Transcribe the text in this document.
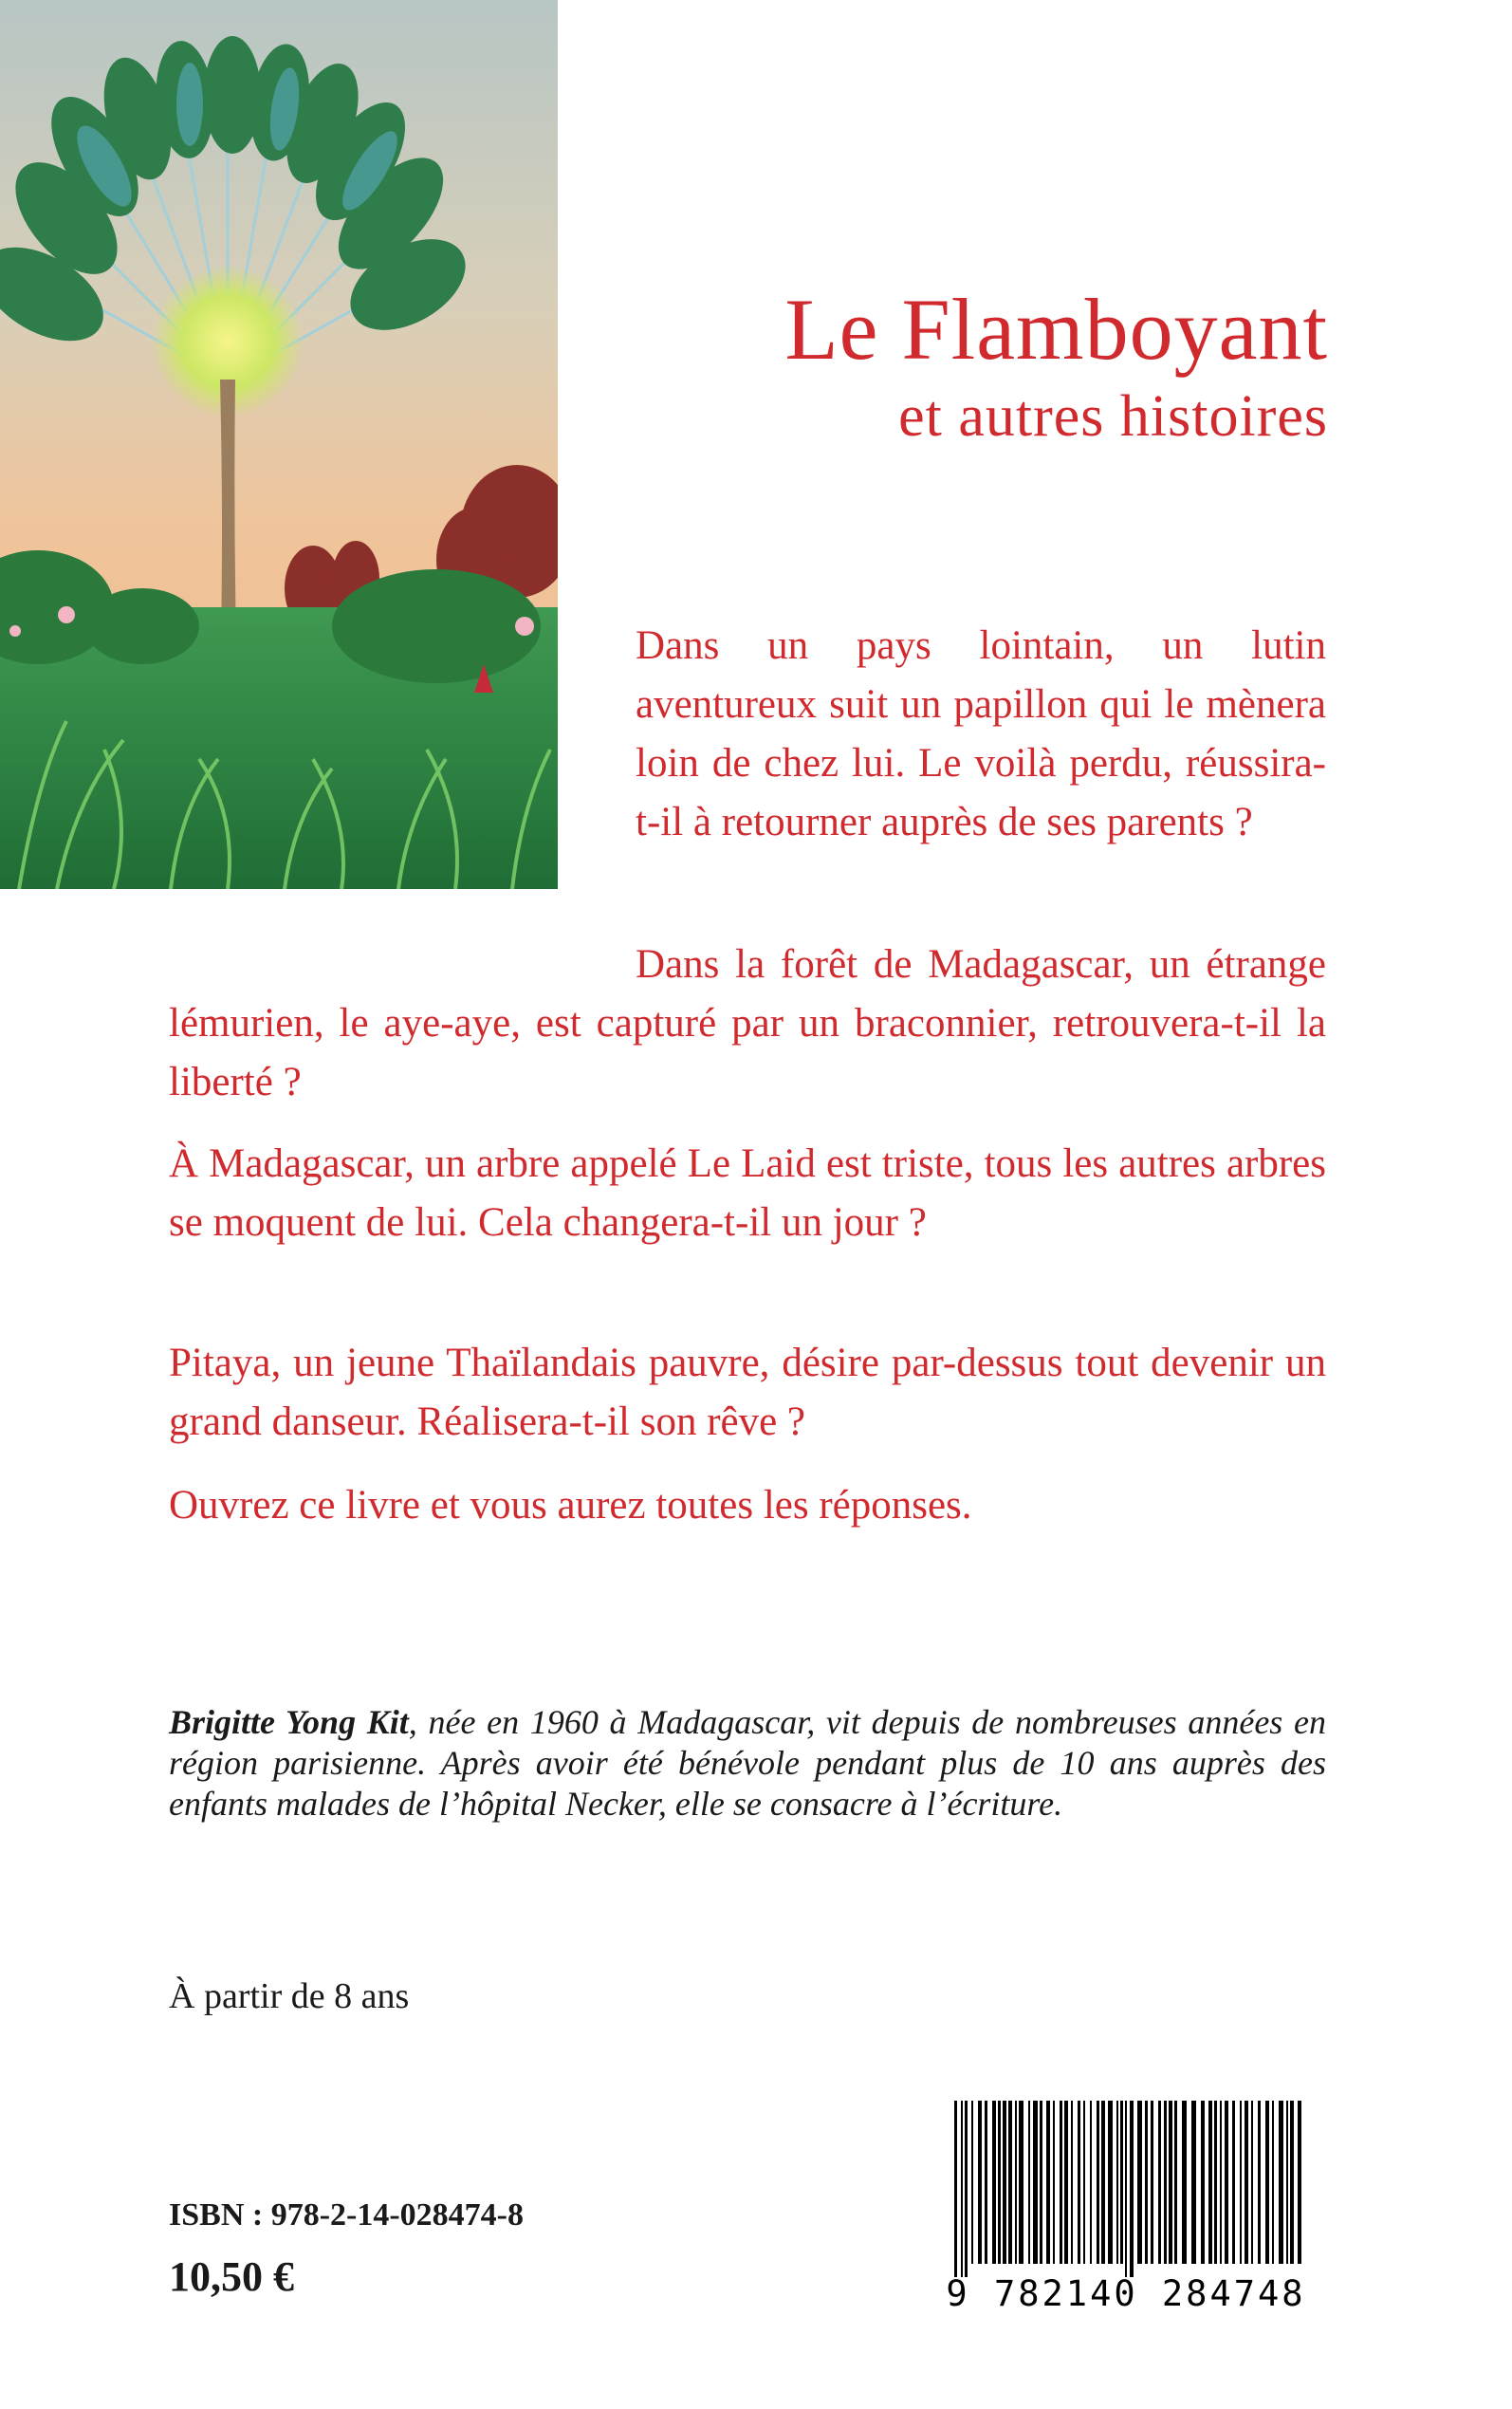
Le Flamboyant
et autres histoires

Dans un pays lointain, un lutin aventureux suit un papillon qui le mènera loin de chez lui. Le voilà perdu, réussira-t-il à retourner auprès de ses parents ?

Dans la forêt de Madagascar, un étrange lémurien, le aye-aye, est capturé par un braconnier, retrouvera-t-il la liberté ?

À Madagascar, un arbre appelé Le Laid est triste, tous les autres arbres se moquent de lui. Cela changera-t-il un jour ?

Pitaya, un jeune Thaïlandais pauvre, désire par-dessus tout devenir un grand danseur. Réalisera-t-il son rêve ?

Ouvrez ce livre et vous aurez toutes les réponses.

Brigitte Yong Kit, née en 1960 à Madagascar, vit depuis de nombreuses années en région parisienne. Après avoir été bénévole pendant plus de 10 ans auprès des enfants malades de l’hôpital Necker, elle se consacre à l’écriture.

À partir de 8 ans

ISBN : 978-2-14-028474-8

10,50 €	9 782140 284748
